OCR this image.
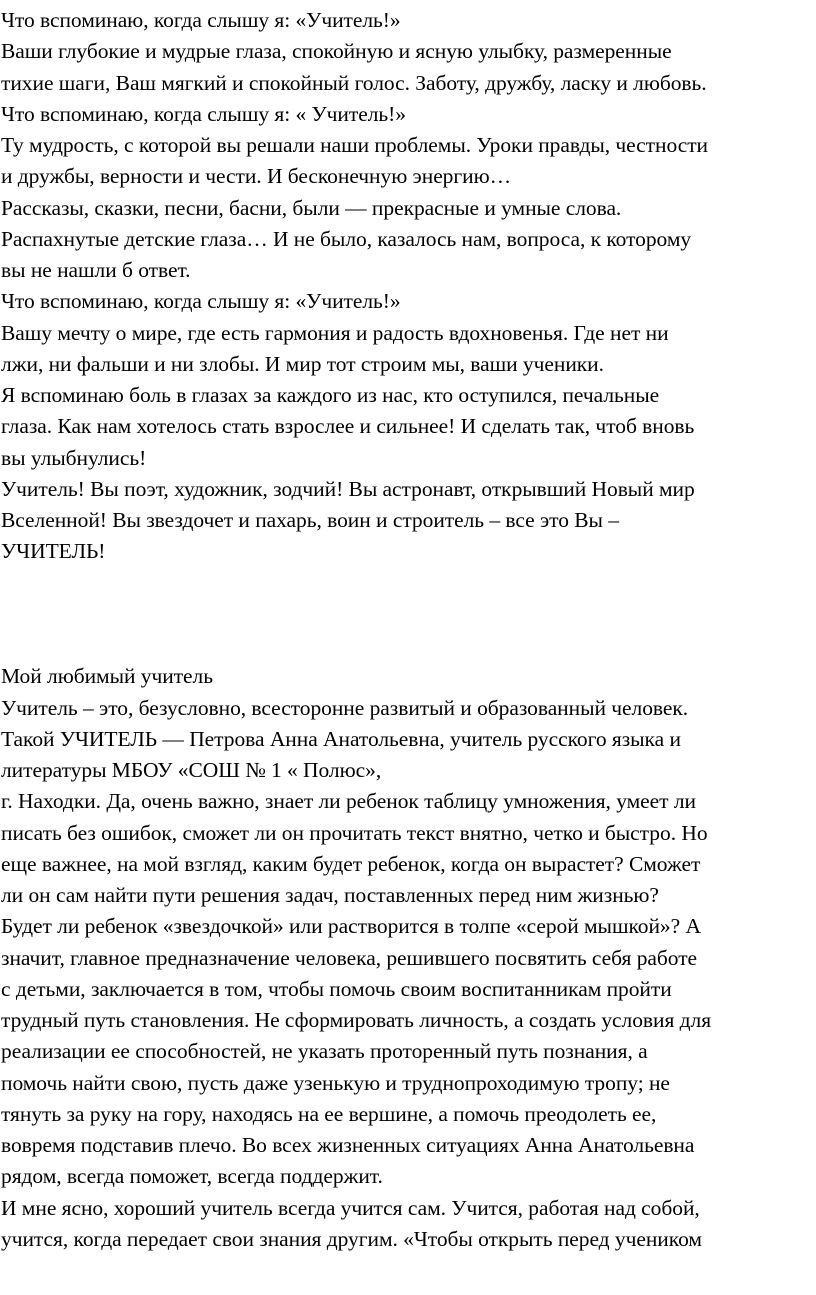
Что вспоминаю, когда слышу я: «Учитель!»

Ваши глубокие и мудрые глаза, спокойную и ясную улыбку, размеренные
тихие шаги, Ваш мягкий и спокойный голос. Заботу, дружбу, ласку и любовь.

Что вспоминаю, когда слышу я: « Учитель!»

Ту мудрость, с которой вы решали наши проблемы. Уроки правды, честности
и дружбы, верности и чести. И бесконечную энергию…

Рассказы, сказки, песни, басни, были — прекрасные и умные слова.

Распахнутые детские глаза… И не было, казалось нам, вопроса, к которому
вы не нашли б ответ.

Что вспоминаю, когда слышу я: «Учитель!»

Вашу мечту о мире, где есть гармония и радость вдохновенья. Где нет ни
лжи, ни фальши и ни злобы. И мир тот строим мы, ваши ученики.

Я вспоминаю боль в глазах за каждого из нас, кто оступился, печальные
глаза. Как нам хотелось стать взрослее и сильнее! И сделать так, чтоб вновь
вы улыбнулись!

Учитель! Вы поэт, художник, зодчий! Вы астронавт, открывший Новый мир
Вселенной! Вы звездочет и пахарь, воин и строитель – все это Вы –
УЧИТЕЛЬ!

Мой любимый учитель

Учитель – это, безусловно, всесторонне развитый и образованный человек.

Такой УЧИТЕЛЬ — Петрова Анна Анатольевна, учитель русского языка и
литературы МБОУ «СОШ № 1 « Полюс»,

г. Находки. Да, очень важно, знает ли ребенок таблицу умножения, умеет ли
писать без ошибок, сможет ли он прочитать текст внятно, четко и быстро. Но
еще важнее, на мой взгляд, каким будет ребенок, когда он вырастет? Сможет
ли он сам найти пути решения задач, поставленных перед ним жизнью?
Будет ли ребенок «звездочкой» или растворится в толпе «серой мышкой»? А
значит, главное предназначение человека, решившего посвятить себя работе
с детьми, заключается в том, чтобы помочь своим воспитанникам пройти
трудный путь становления. Не сформировать личность, а создать условия для
реализации ее способностей, не указать проторенный путь познания, а
помочь найти свою, пусть даже узенькую и труднопроходимую тропу; не
тянуть за руку на гору, находясь на ее вершине, а помочь преодолеть ее,
вовремя подставив плечо. Во всех жизненных ситуациях Анна Анатольевна
рядом, всегда поможет, всегда поддержит.

И мне ясно, хороший учитель всегда учится сам. Учится, работая над собой,
учится, когда передает свои знания другим. «Чтобы открыть перед учеником
